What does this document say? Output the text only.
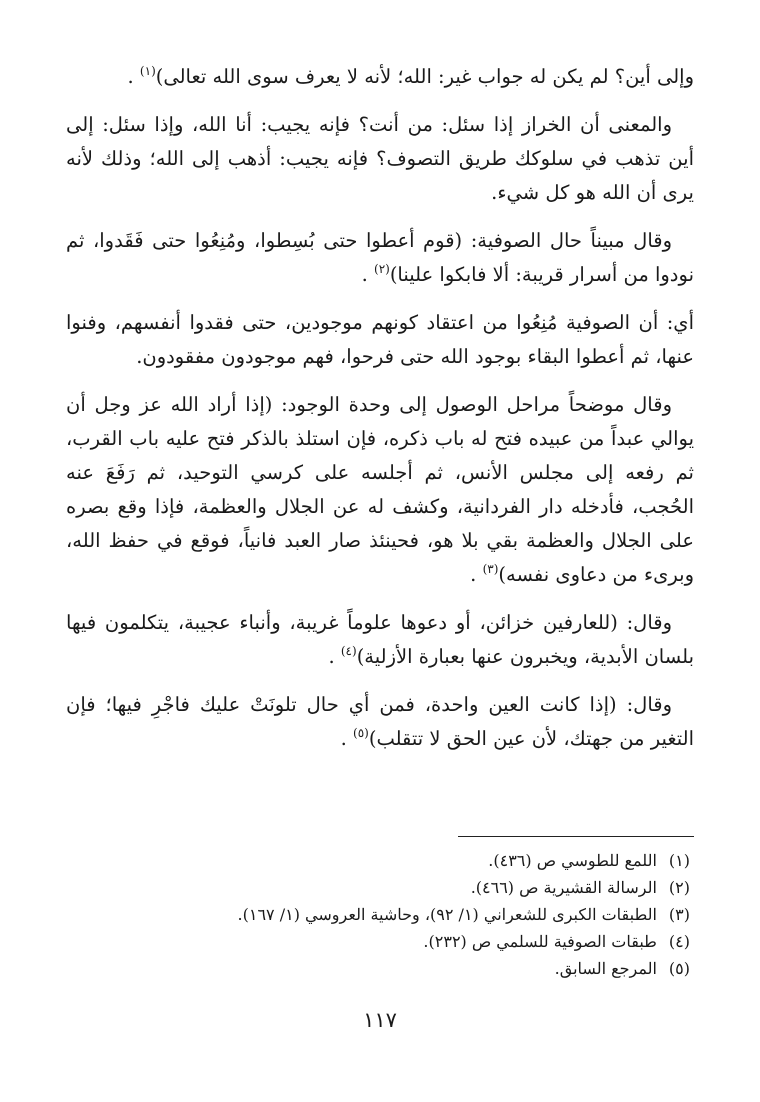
وإلى أين؟ لم يكن له جواب غير: الله؛ لأنه لا يعرف سوى الله تعالى)$^{(١)}$ .

والمعنى أن الخراز إذا سئل: من أنت؟ فإنه يجيب: أنا الله، وإذا سئل: إلى أين تذهب في سلوكك طريق التصوف؟ فإنه يجيب: أذهب إلى الله؛ وذلك لأنه يرى أن الله هو كل شيء.

وقال مبيناً حال الصوفية: (قوم أعطوا حتى بُسِطوا، ومُنِعُوا حتى فَقَدوا، ثم نودوا من أسرار قريبة: ألا فابكوا علينا)$^{(٢)}$ .

أي: أن الصوفية مُنِعُوا من اعتقاد كونهم موجودين، حتى فقدوا أنفسهم، وفنوا عنها، ثم أعطوا البقاء بوجود الله حتى فرحوا، فهم موجودون مفقودون.

وقال موضحاً مراحل الوصول إلى وحدة الوجود: (إذا أراد الله عز وجل أن يوالي عبداً من عبيده فتح له باب ذكره، فإن استلذ بالذكر فتح عليه باب القرب، ثم رفعه إلى مجلس الأنس، ثم أجلسه على كرسي التوحيد، ثم رَفَعَ عنه الحُجب، فأدخله دار الفردانية، وكشف له عن الجلال والعظمة، فإذا وقع بصره على الجلال والعظمة بقي بلا هو، فحينئذ صار العبد فانياً، فوقع في حفظ الله، وبرىء من دعاوى نفسه)$^{(٣)}$ .

وقال: (للعارفين خزائن، أو دعوها علوماً غريبة، وأنباء عجيبة، يتكلمون فيها بلسان الأبدية، ويخبرون عنها بعبارة الأزلية)$^{(٤)}$ .

وقال: (إذا كانت العين واحدة، فمن أي حال تلونَتْ عليك فاجْرِ فيها؛ فإن التغير من جهتك، لأن عين الحق لا تتقلب)$^{(٥)}$ .

(١)اللمع للطوسي ص (٤٣٦).
(٢)الرسالة القشيرية ص (٤٦٦).
(٣)الطبقات الكبرى للشعراني (١/ ٩٢)، وحاشية العروسي (١/ ١٦٧).
(٤)طبقات الصوفية للسلمي ص (٢٣٢).
(٥)المرجع السابق.
١١٧
